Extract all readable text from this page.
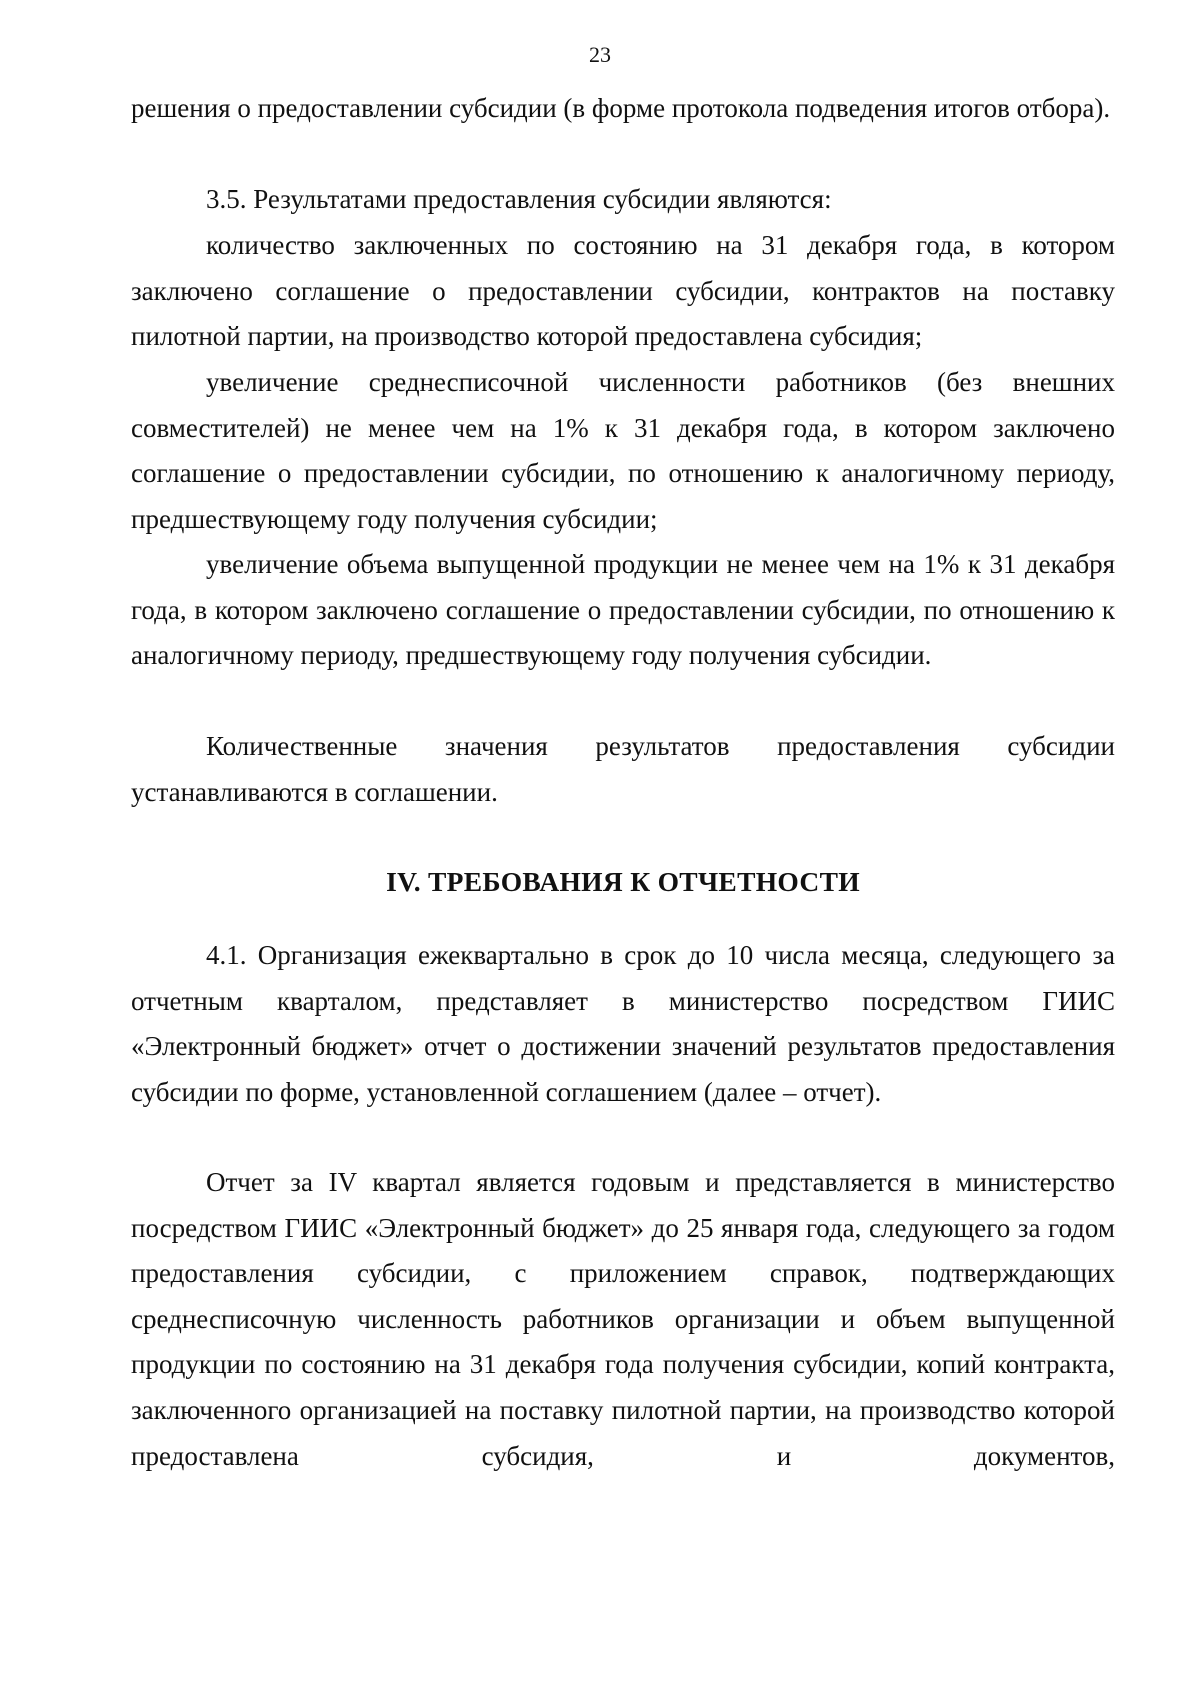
23

решения о предоставлении субсидии (в форме протокола подведения итогов отбора).

3.5. Результатами предоставления субсидии являются:

количество заключенных по состоянию на 31 декабря года, в котором заключено соглашение о предоставлении субсидии, контрактов на поставку пилотной партии, на производство которой предоставлена субсидия;

увеличение среднесписочной численности работников (без внешних совместителей) не менее чем на 1% к 31 декабря года, в котором заключено соглашение о предоставлении субсидии, по отношению к аналогичному периоду, предшествующему году получения субсидии;

увеличение объема выпущенной продукции не менее чем на 1% к 31 декабря года, в котором заключено соглашение о предоставлении субсидии, по отношению к аналогичному периоду, предшествующему году получения субсидии.

Количественные значения результатов предоставления субсидии устанавливаются в соглашении.

IV. ТРЕБОВАНИЯ К ОТЧЕТНОСТИ

4.1. Организация ежеквартально в срок до 10 числа месяца, следующего за отчетным кварталом, представляет в министерство посредством ГИИС «Электронный бюджет» отчет о достижении значений результатов предоставления субсидии по форме, установленной соглашением (далее – отчет).

Отчет за IV квартал является годовым и представляется в министерство посредством ГИИС «Электронный бюджет» до 25 января года, следующего за годом предоставления субсидии, с приложением справок, подтверждающих среднесписочную численность работников организации и объем выпущенной продукции по состоянию на 31 декабря года получения субсидии, копий контракта, заключенного организацией на поставку пилотной партии, на производство которой предоставлена субсидия, и документов,
